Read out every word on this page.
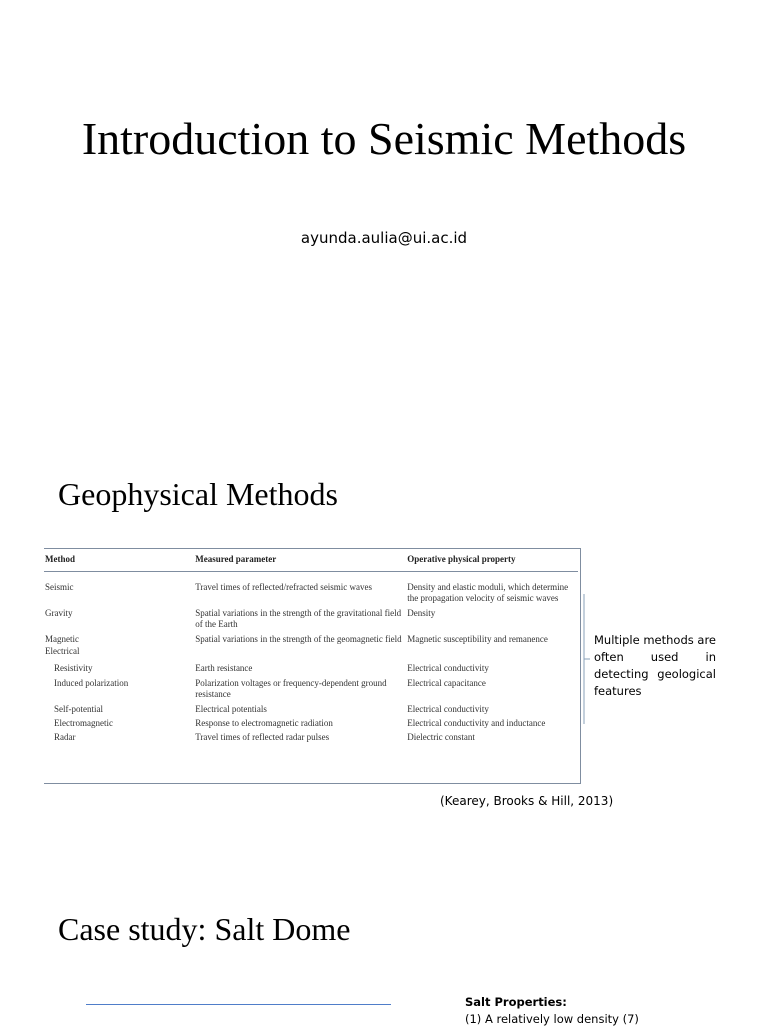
Introduction to Seismic Methods
ayunda.aulia@ui.ac.id
Geophysical Methods
Method	Measured parameter	Operative physical property
Seismic	Travel times of reflected/refracted seismic waves	Density and elastic moduli, which determine the propagation velocity of seismic waves
Gravity	Spatial variations in the strength of the gravitational field of the Earth	Density
Magnetic	Spatial variations in the strength of the geomagnetic field	Magnetic susceptibility and remanence
Electrical		
Resistivity	Earth resistance	Electrical conductivity
Induced polarization	Polarization voltages or frequency-dependent ground resistance	Electrical capacitance
Self-potential	Electrical potentials	Electrical conductivity
Electromagnetic	Response to electromagnetic radiation	Electrical conductivity and inductance
Radar	Travel times of reflected radar pulses	Dielectric constant
Multiple methods are often used in detecting geological features
(Kearey, Brooks & Hill, 2013)
Case study: Salt Dome
Salt Properties:
(1) A relatively low density (7)
